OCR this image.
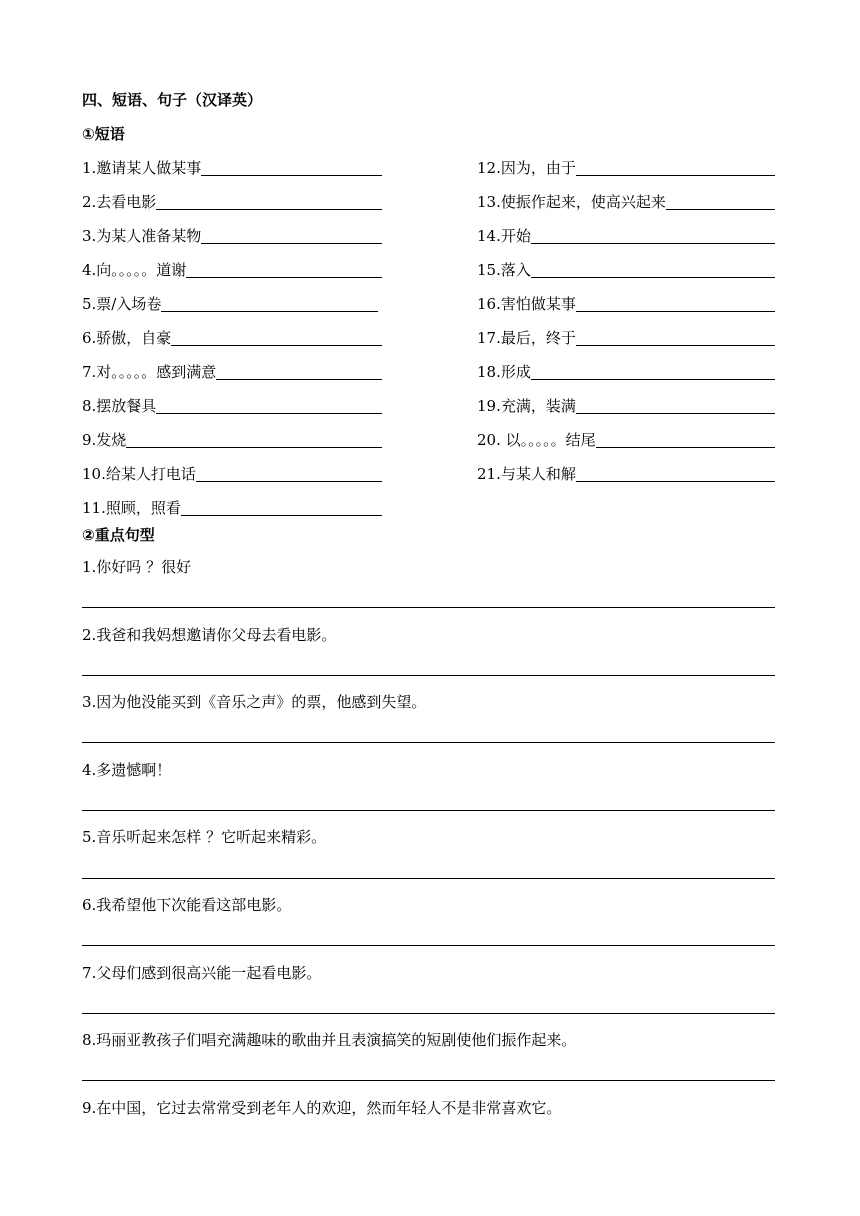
四、短语、句子（汉译英）
①短语
1.邀请某人做某事
2.去看电影
3.为某人准备某物
4.向。。。。。道谢
5.票/入场卷
6.骄傲，自豪
7.对。。。。。感到满意
8.摆放餐具
9.发烧
10.给某人打电话
11.照顾，照看
12.因为，由于
13.使振作起来，使高兴起来
14.开始
15.落入
16.害怕做某事
17.最后，终于
18.形成
19.充满，装满
20. 以。。。。。结尾
21.与某人和解
②重点句型
1.你好吗 ？很好
2.我爸和我妈想邀请你父母去看电影。
3.因为他没能买到《音乐之声》的票，他感到失望。
4.多遗憾啊！
5.音乐听起来怎样 ？它听起来精彩。
6.我希望他下次能看这部电影。
7.父母们感到很高兴能一起看电影。
8.玛丽亚教孩子们唱充满趣味的歌曲并且表演搞笑的短剧使他们振作起来。
9.在中国，它过去常常受到老年人的欢迎，然而年轻人不是非常喜欢它。
